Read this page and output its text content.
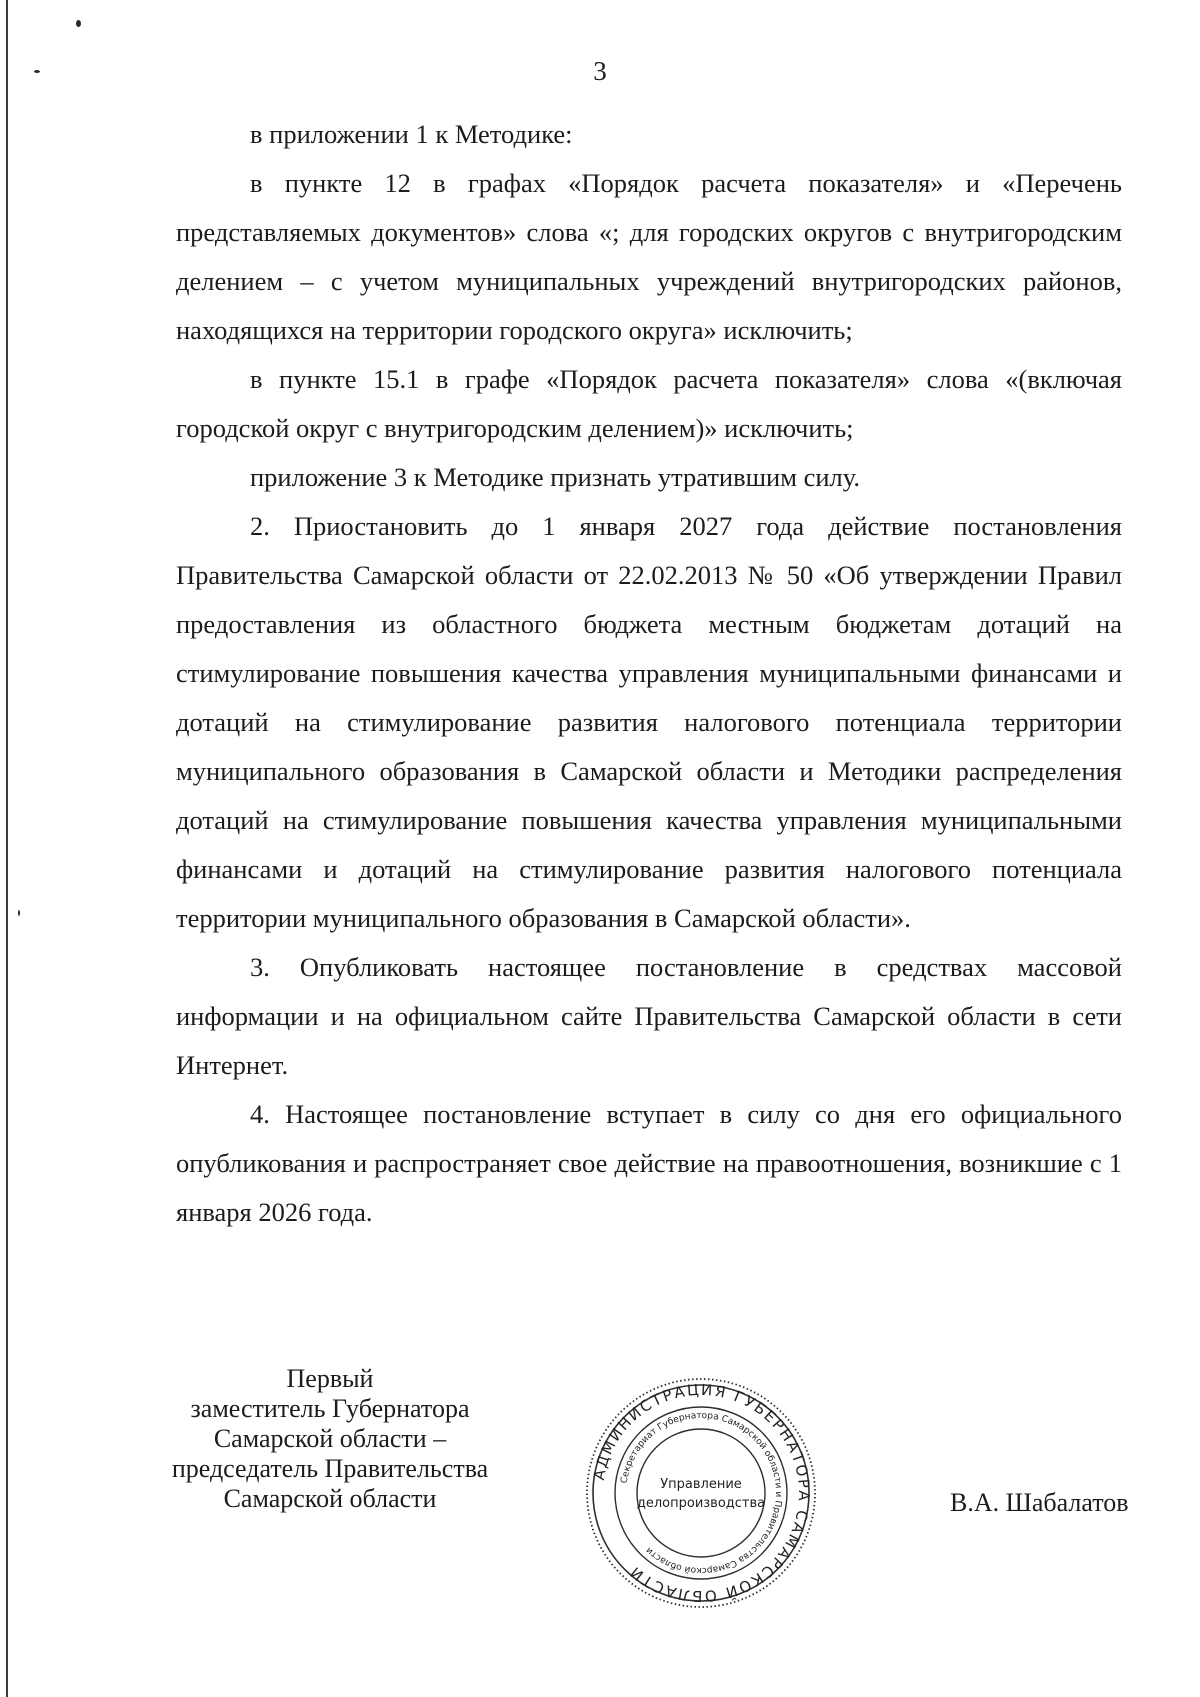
3

в приложении 1 к Методике:

в пункте 12 в графах «Порядок расчета показателя» и «Перечень представляемых документов» слова «; для городских округов с внутригородским делением – с учетом муниципальных учреждений внутригородских районов, находящихся на территории городского округа» исключить;

в пункте 15.1 в графе «Порядок расчета показателя» слова «(включая городской округ с внутригородским делением)» исключить;

приложение 3 к Методике признать утратившим силу.

2. Приостановить до 1 января 2027 года действие постановления Правительства Самарской области от 22.02.2013 № 50 «Об утверждении Правил предоставления из областного бюджета местным бюджетам дотаций на стимулирование повышения качества управления муниципальными финансами и дотаций на стимулирование развития налогового потенциала территории муниципального образования в Самарской области и Методики распределения дотаций на стимулирование повышения качества управления муниципальными финансами и дотаций на стимулирование развития налогового потенциала территории муниципального образования в Самарской области».

3. Опубликовать настоящее постановление в средствах массовой информации и на официальном сайте Правительства Самарской области в сети Интернет.

4. Настоящее постановление вступает в силу со дня его официального опубликования и распространяет свое действие на правоотношения, возникшие с 1 января 2026 года.

Первый
заместитель Губернатора
Самарской области –
председатель Правительства
Самарской области
АДМИНИСТРАЦИЯ ГУБЕРНАТОРА САМАРСКОЙ ОБЛАСТИ
Секретариат Губернатора Самарской области и Правительства Самарской области
Управление
делопроизводства	В.А. Шабалатов
